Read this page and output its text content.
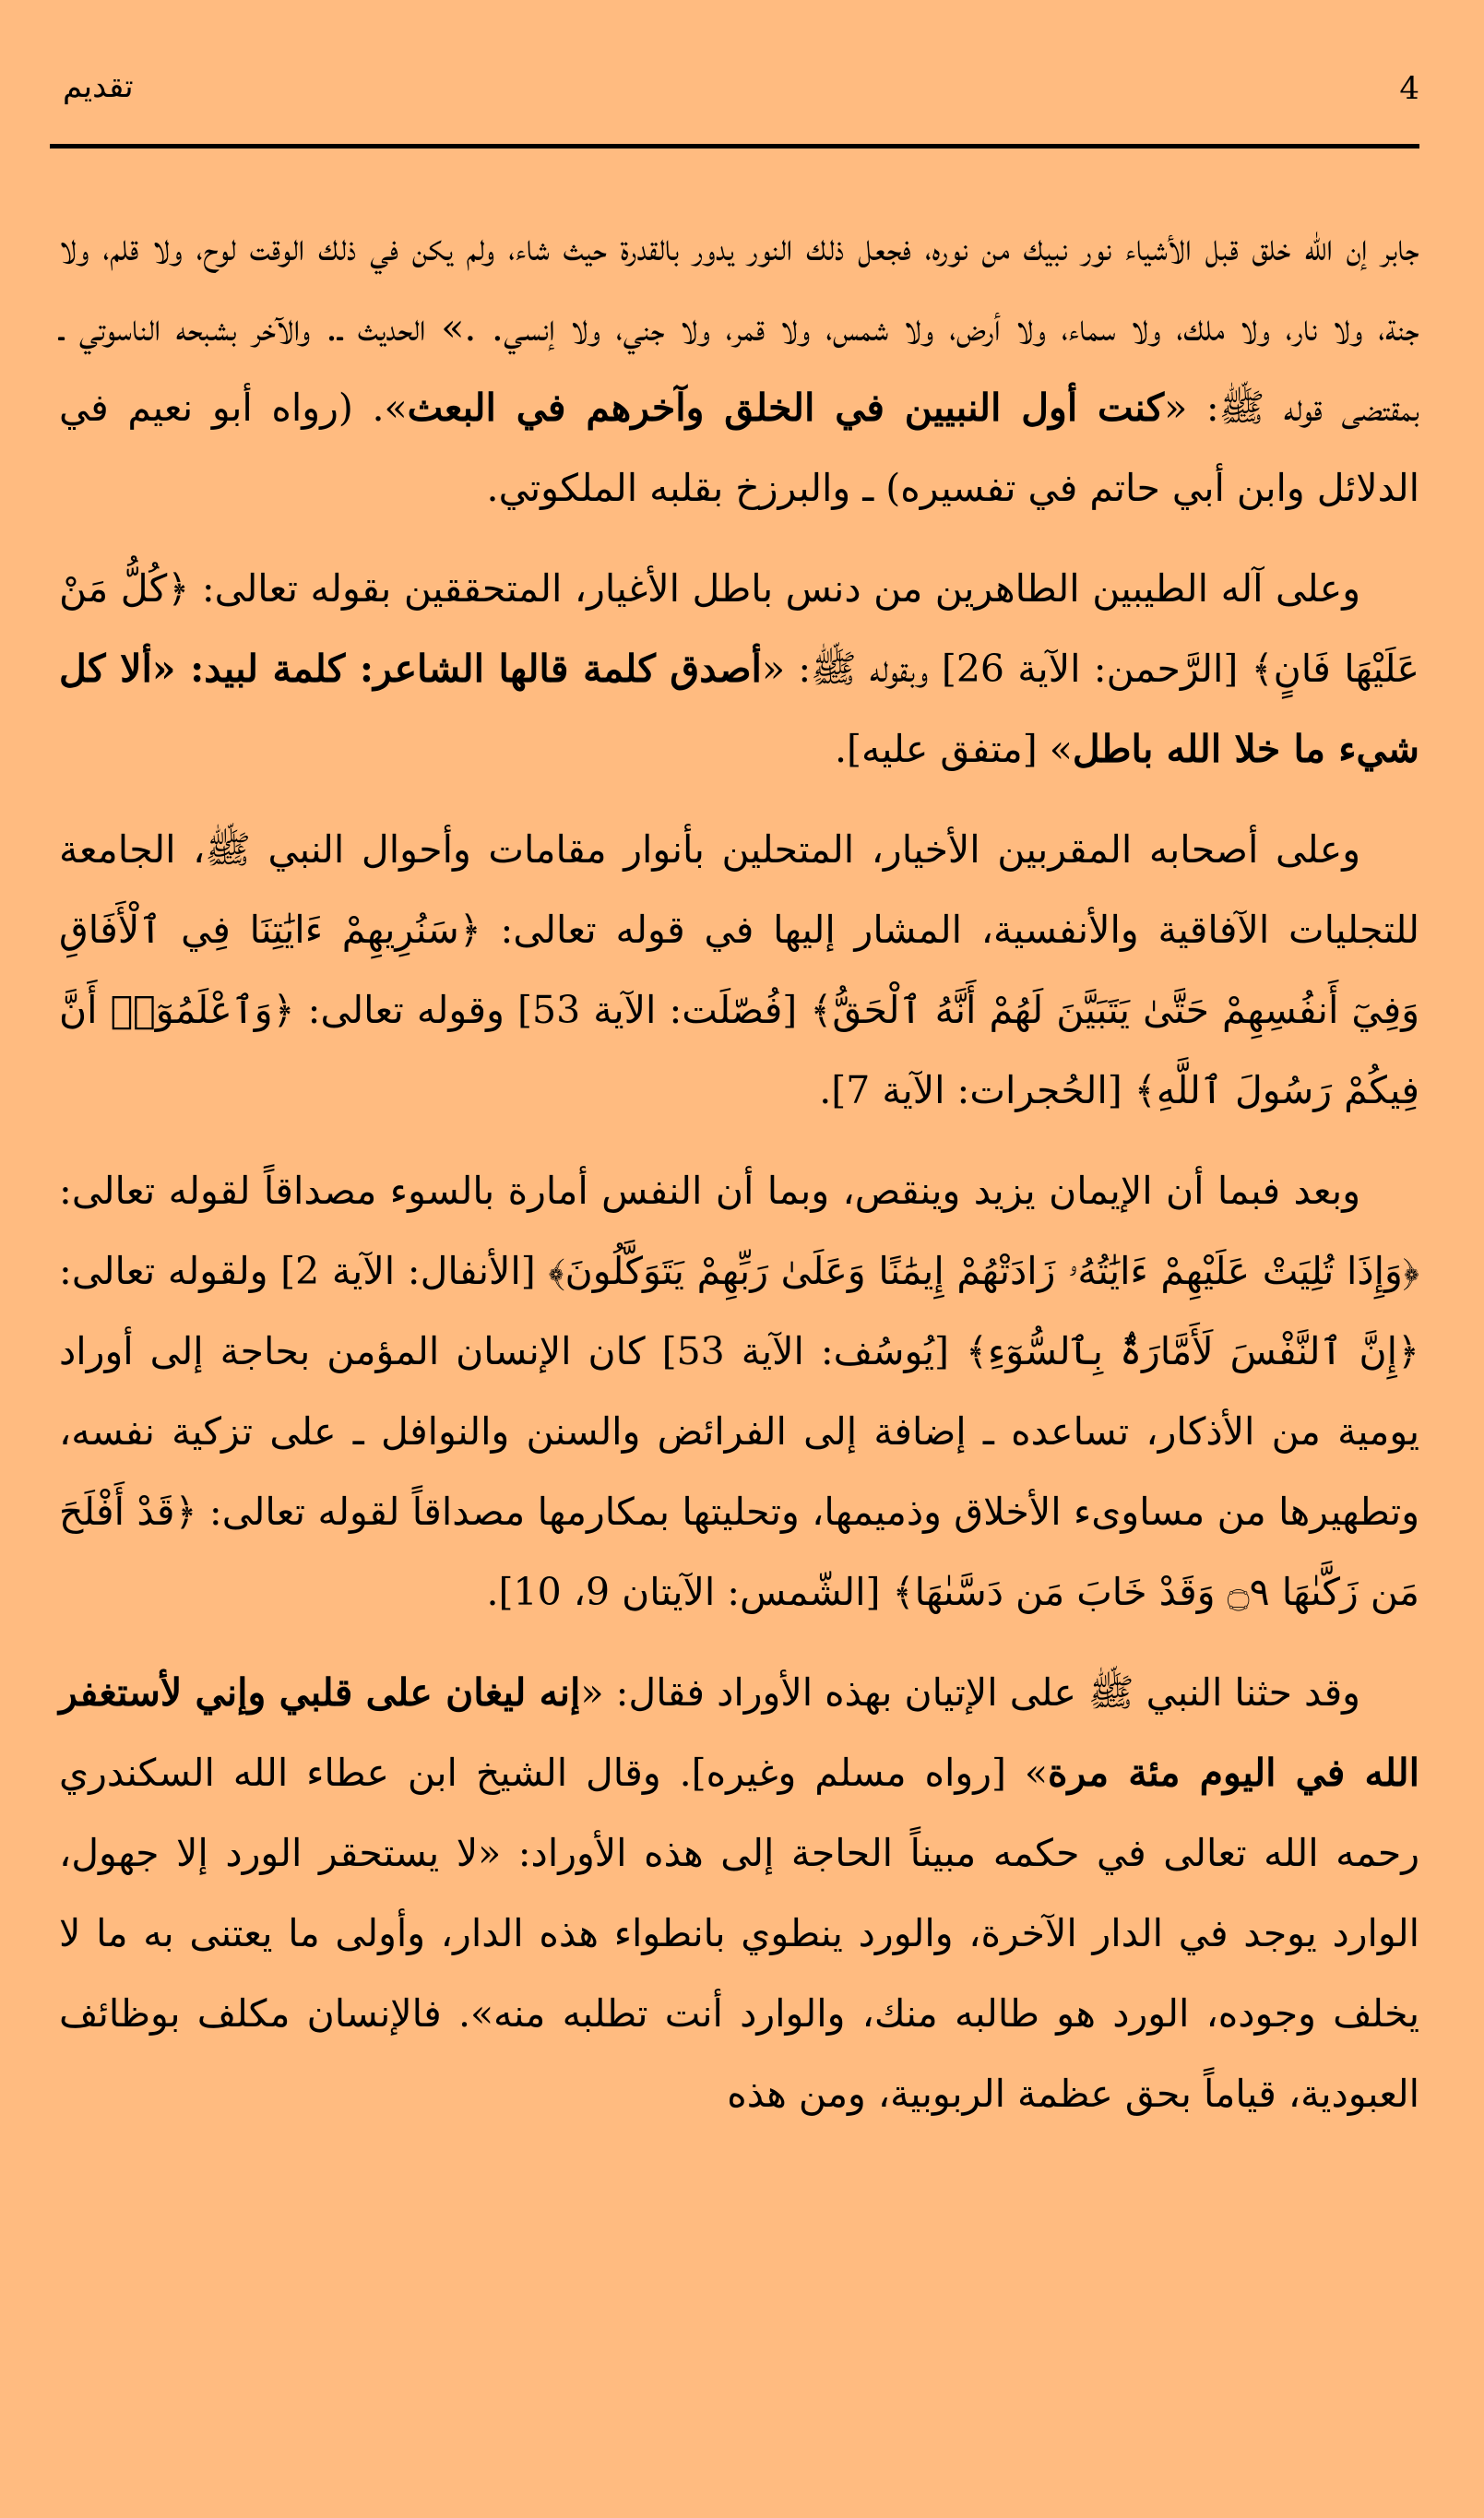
4
تقديم

جابر إن الله خلق قبل الأشياء نور نبيك من نوره، فجعل ذلك النور يدور بالقدرة حيث شاء، ولم يكن في ذلك الوقت لوح، ولا قلم، ولا جنة، ولا نار، ولا ملك، ولا سماء، ولا أرض، ولا شمس، ولا قمر، ولا جني، ولا إنسي. .» الحديث ـ. والآخر بشبحه الناسوتي ـ بمقتضى قوله ﷺ: «كنت أول النبيين في الخلق وآخرهم في البعث». (رواه أبو نعيم في الدلائل وابن أبي حاتم في تفسيره) ـ والبرزخ بقلبه الملكوتي.

وعلى آله الطيبين الطاهرين من دنس باطل الأغيار، المتحققين بقوله تعالى: ﴿كُلُّ مَنْ عَلَيْهَا فَانٍ﴾ [الرَّحمن: الآية 26] وبقوله ﷺ: «أصدق كلمة قالها الشاعر: كلمة لبيد: «ألا كل شيء ما خلا الله باطل» [متفق عليه].

وعلى أصحابه المقربين الأخيار، المتحلين بأنوار مقامات وأحوال النبي ﷺ، الجامعة للتجليات الآفاقية والأنفسية، المشار إليها في قوله تعالى: ﴿سَنُرِيهِمْ ءَايَٰتِنَا فِي ٱلْأَفَاقِ وَفِيٓ أَنفُسِهِمْ حَتَّىٰ يَتَبَيَّنَ لَهُمْ أَنَّهُ ٱلْحَقُّ﴾ [فُصّلَت: الآية 53] وقوله تعالى: ﴿وَٱعْلَمُوٓا۟ أَنَّ فِيكُمْ رَسُولَ ٱللَّهِ﴾ [الحُجرات: الآية 7].

وبعد فبما أن الإيمان يزيد وينقص، وبما أن النفس أمارة بالسوء مصداقاً لقوله تعالى: ﴿وَإِذَا تُلِيَتْ عَلَيْهِمْ ءَايَٰتُهُۥ زَادَتْهُمْ إِيمَٰنًا وَعَلَىٰ رَبِّهِمْ يَتَوَكَّلُونَ﴾ [الأنفال: الآية 2] ولقوله تعالى: ﴿إِنَّ ٱلنَّفْسَ لَأَمَّارَةٌۢ بِٱلسُّوٓءِ﴾ [يُوسُف: الآية 53] كان الإنسان المؤمن بحاجة إلى أوراد يومية من الأذكار، تساعده ـ إضافة إلى الفرائض والسنن والنوافل ـ على تزكية نفسه، وتطهيرها من مساوىء الأخلاق وذميمها، وتحليتها بمكارمها مصداقاً لقوله تعالى: ﴿قَدْ أَفْلَحَ مَن زَكَّىٰهَا ۝٩ وَقَدْ خَابَ مَن دَسَّىٰهَا﴾ [الشّمس: الآيتان 9، 10].

وقد حثنا النبي ﷺ على الإتيان بهذه الأوراد فقال: «إنه ليغان على قلبي وإني لأستغفر الله في اليوم مئة مرة» [رواه مسلم وغيره]. وقال الشيخ ابن عطاء الله السكندري رحمه الله تعالى في حكمه مبيناً الحاجة إلى هذه الأوراد: «لا يستحقر الورد إلا جهول، الوارد يوجد في الدار الآخرة، والورد ينطوي بانطواء هذه الدار، وأولى ما يعتنى به ما لا يخلف وجوده، الورد هو طالبه منك، والوارد أنت تطلبه منه». فالإنسان مكلف بوظائف العبودية، قياماً بحق عظمة الربوبية، ومن هذه
